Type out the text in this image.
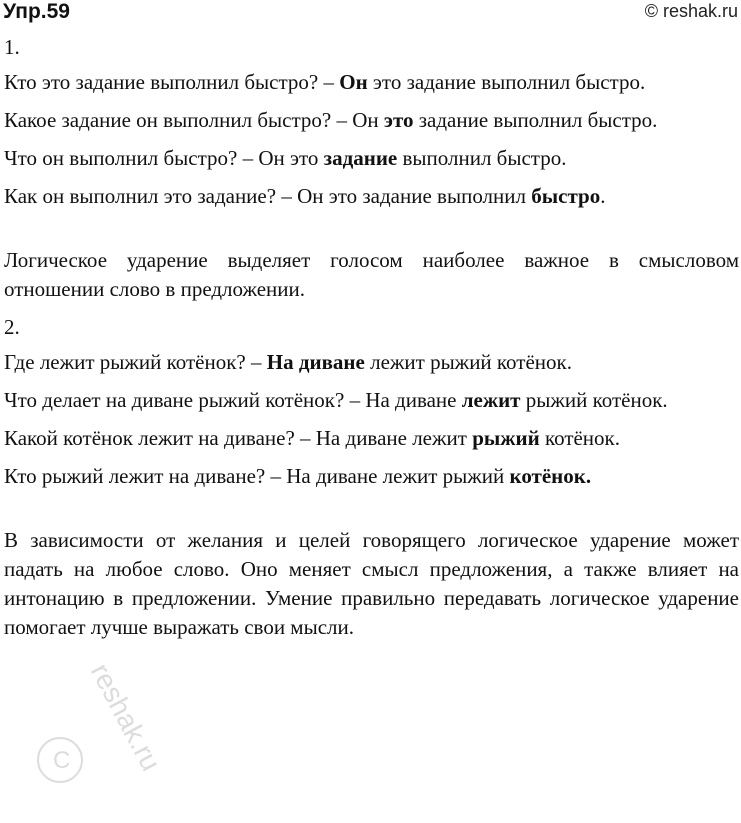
Упр.59	© reshak.ru

1.

Кто это задание выполнил быстро? – Он это задание выполнил быстро.

Какое задание он выполнил быстро? – Он это задание выполнил быстро.

Что он выполнил быстро? – Он это задание выполнил быстро.

Как он выполнил это задание? – Он это задание выполнил быстро.

Логическое ударение выделяет голосом наиболее важное в смысловом отношении слово в предложении.

2.

Где лежит рыжий котёнок? – На диване лежит рыжий котёнок.

Что делает на диване рыжий котёнок? – На диване лежит рыжий котёнок.

Какой котёнок лежит на диване? – На диване лежит рыжий котёнок.

Кто рыжий лежит на диване? – На диване лежит рыжий котёнок.

В зависимости от желания и целей говорящего логическое ударение может падать на любое слово. Оно меняет смысл предложения, а также влияет на интонацию в предложении. Умение правильно передавать логическое ударение помогает лучше выражать свои мысли.

C reshak.ru
